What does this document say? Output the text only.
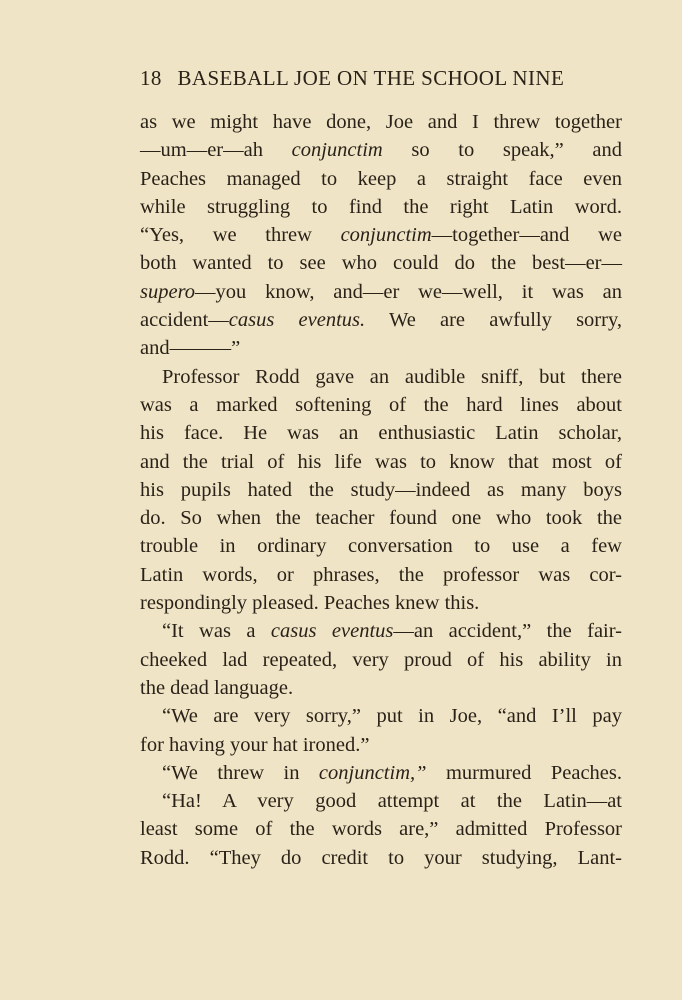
18 BASEBALL JOE ON THE SCHOOL NINE
as we might have done, Joe and I threw together
—um—er—ah conjunctim so to speak,” and
Peaches managed to keep a straight face even
while struggling to find the right Latin word.
“Yes, we threw conjunctim—together—and we
both wanted to see who could do the best—er—
supero—you know, and—er we—well, it was an
accident—casus eventus. We are awfully sorry,
and———”
Professor Rodd gave an audible sniff, but there
was a marked softening of the hard lines about
his face. He was an enthusiastic Latin scholar,
and the trial of his life was to know that most of
his pupils hated the study—indeed as many boys
do. So when the teacher found one who took the
trouble in ordinary conversation to use a few
Latin words, or phrases, the professor was cor-
respondingly pleased. Peaches knew this.
“It was a casus eventus—an accident,” the fair-
cheeked lad repeated, very proud of his ability in
the dead language.
“We are very sorry,” put in Joe, “and I’ll pay
for having your hat ironed.”
“We threw in conjunctim,” murmured Peaches.
“Ha! A very good attempt at the Latin—at
least some of the words are,” admitted Professor
Rodd. “They do credit to your studying, Lant-
